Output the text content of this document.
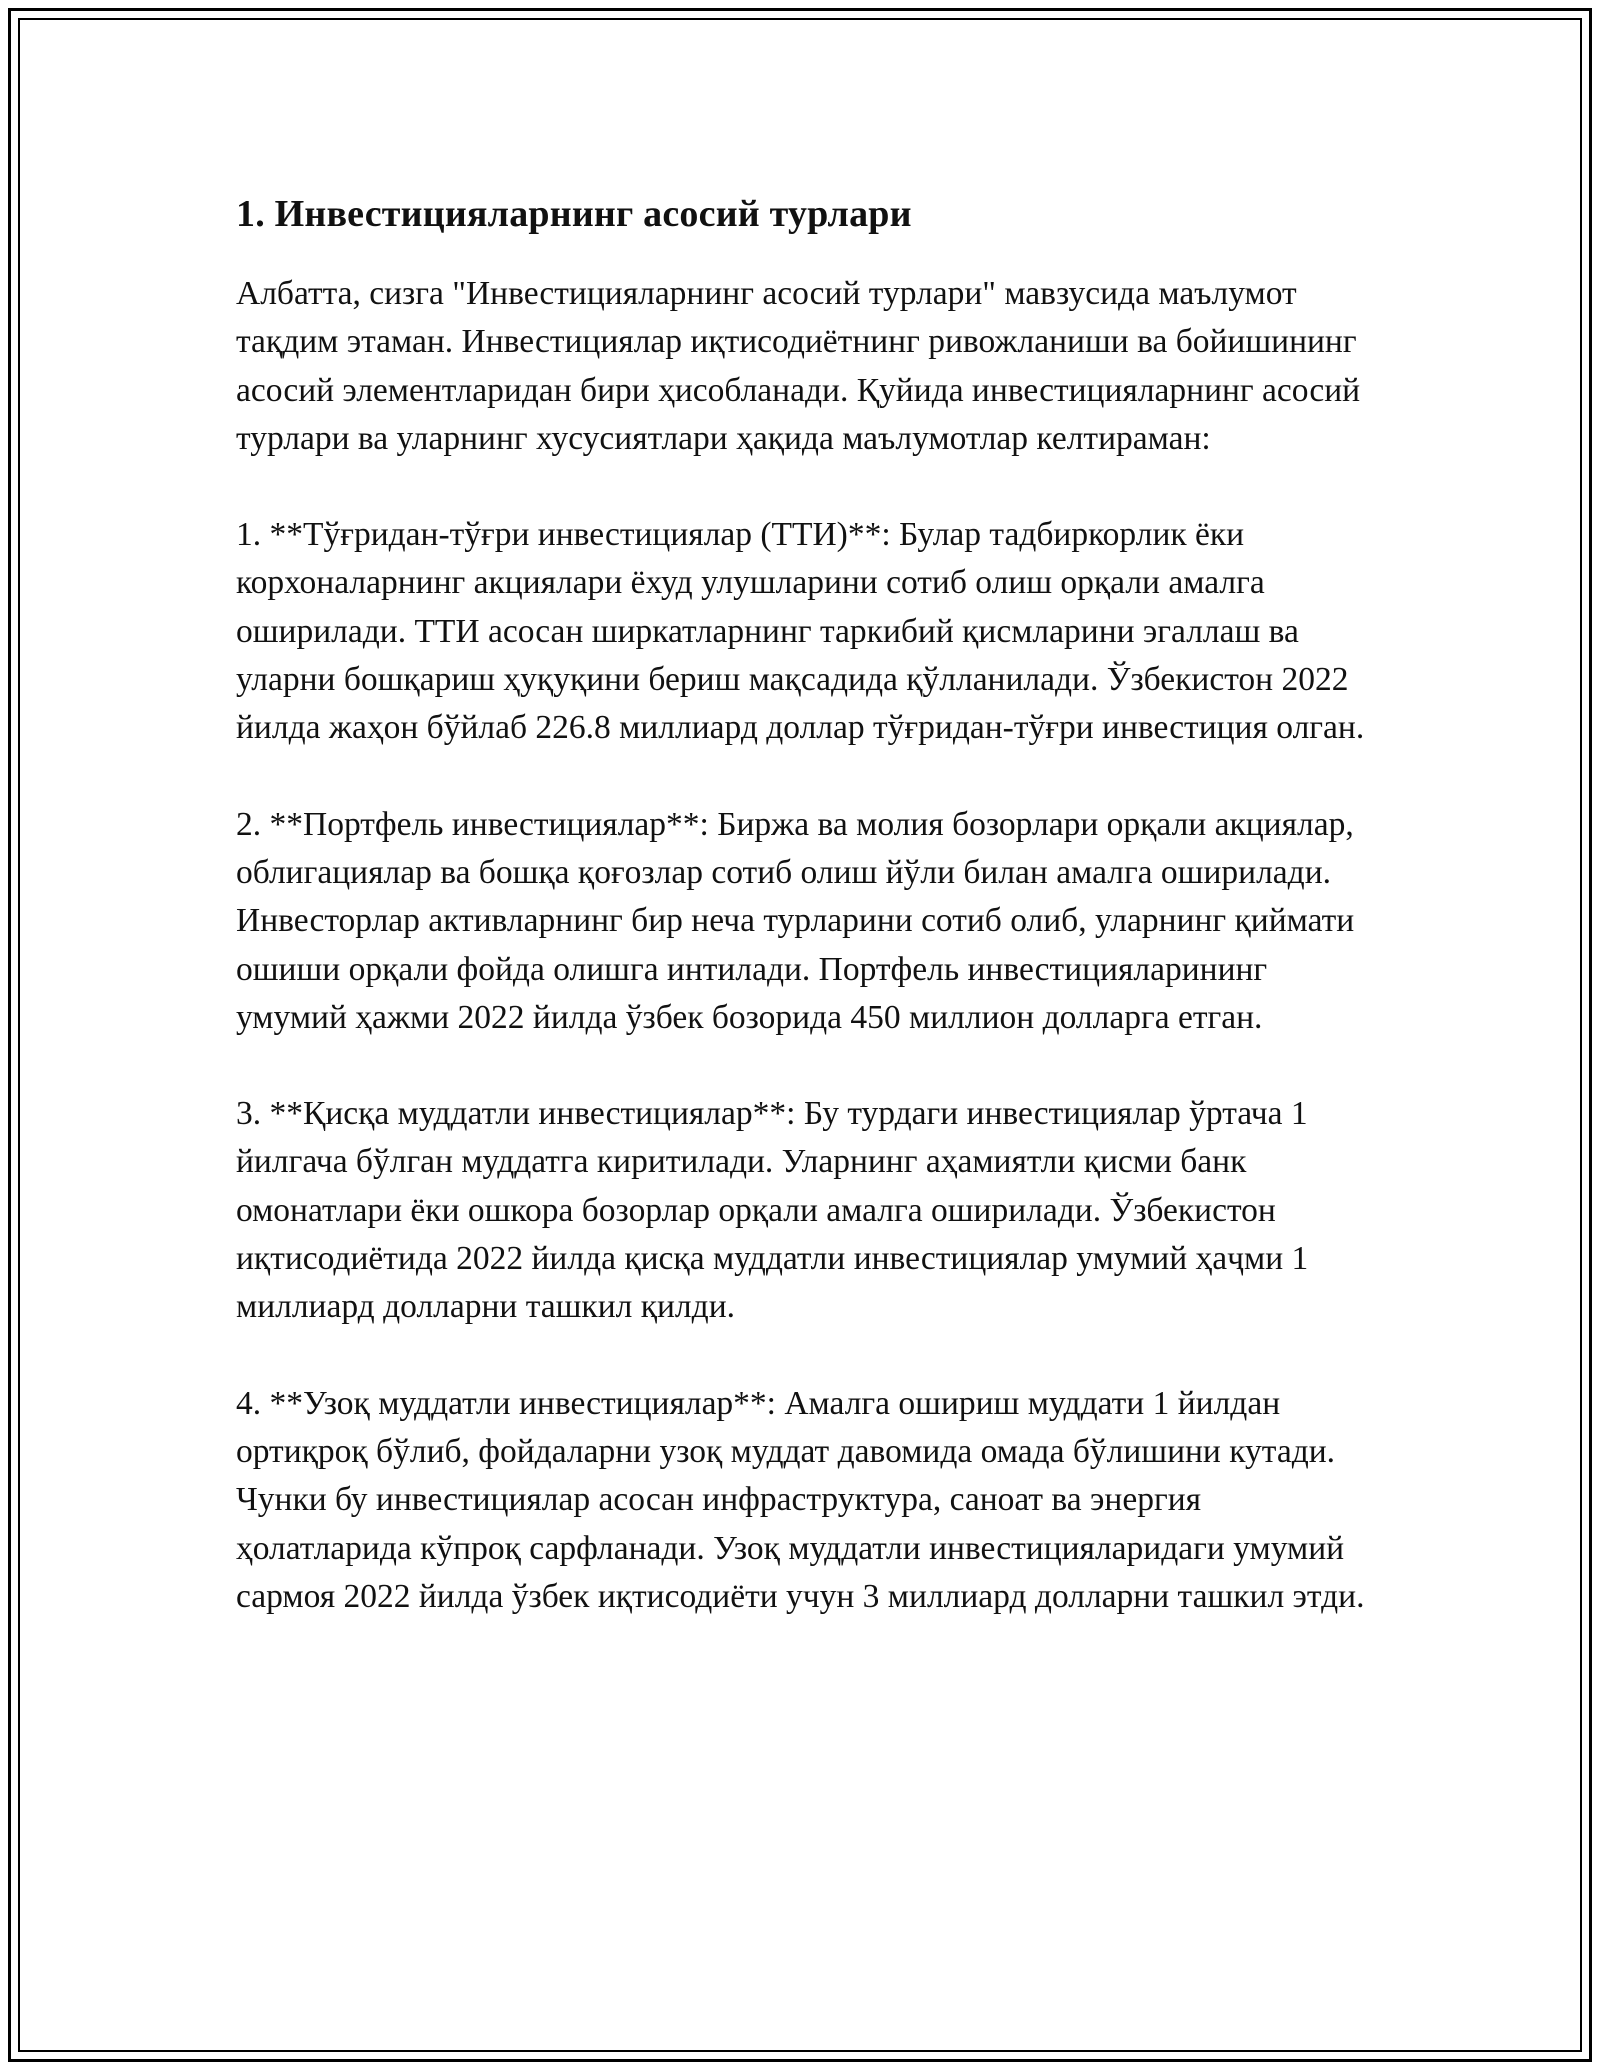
1. Инвестицияларнинг асосий турлари

Албатта, сизга "Инвестицияларнинг асосий турлари" мавзусида маълумот тақдим этаман. Инвестициялар иқтисодиётнинг ривожланиши ва бойишининг асосий элементларидан бири ҳисобланади. Қуйида инвестицияларнинг асосий турлари ва уларнинг хусусиятлари ҳақида маълумотлар келтираман:

1. **Тўғридан-тўғри инвестициялар (ТТИ)**: Булар тадбиркорлик ёки корхоналарнинг акциялари ёхуд улушларини сотиб олиш орқали амалга оширилади. ТТИ асосан ширкатларнинг таркибий қисмларини эгаллаш ва уларни бошқариш ҳуқуқини бериш мақсадида қўлланилади. Ўзбекистон 2022 йилда жаҳон бўйлаб 226.8 миллиард доллар тўғридан-тўғри инвестиция олган.

2. **Портфель инвестициялар**: Биржа ва молия бозорлари орқали акциялар, облигациялар ва бошқа қоғозлар сотиб олиш йўли билан амалга оширилади. Инвесторлар активларнинг бир неча турларини сотиб олиб, уларнинг қиймати ошиши орқали фойда олишга интилади. Портфель инвестицияларининг умумий ҳажми 2022 йилда ўзбек бозорида 450 миллион долларга етган.

3. **Қисқа муддатли инвестициялар**: Бу турдаги инвестициялар ўртача 1 йилгача бўлган муддатга киритилади. Уларнинг аҳамиятли қисми банк омонатлари ёки ошкора бозорлар орқали амалга оширилади. Ўзбекистон иқтисодиётида 2022 йилда қисқа муддатли инвестициялар умумий ҳаҷми 1 миллиард долларни ташкил қилди.

4. **Узоқ муддатли инвестициялар**: Амалга ошириш муддати 1 йилдан ортиқроқ бўлиб, фойдаларни узоқ муддат давомида омада бўлишини кутади. Чунки бу инвестициялар асосан инфраструктура, саноат ва энергия ҳолатларида кўпроқ сарфланади. Узоқ муддатли инвестицияларидаги умумий сармоя 2022 йилда ўзбек иқтисодиёти учун 3 миллиард долларни ташкил этди.
